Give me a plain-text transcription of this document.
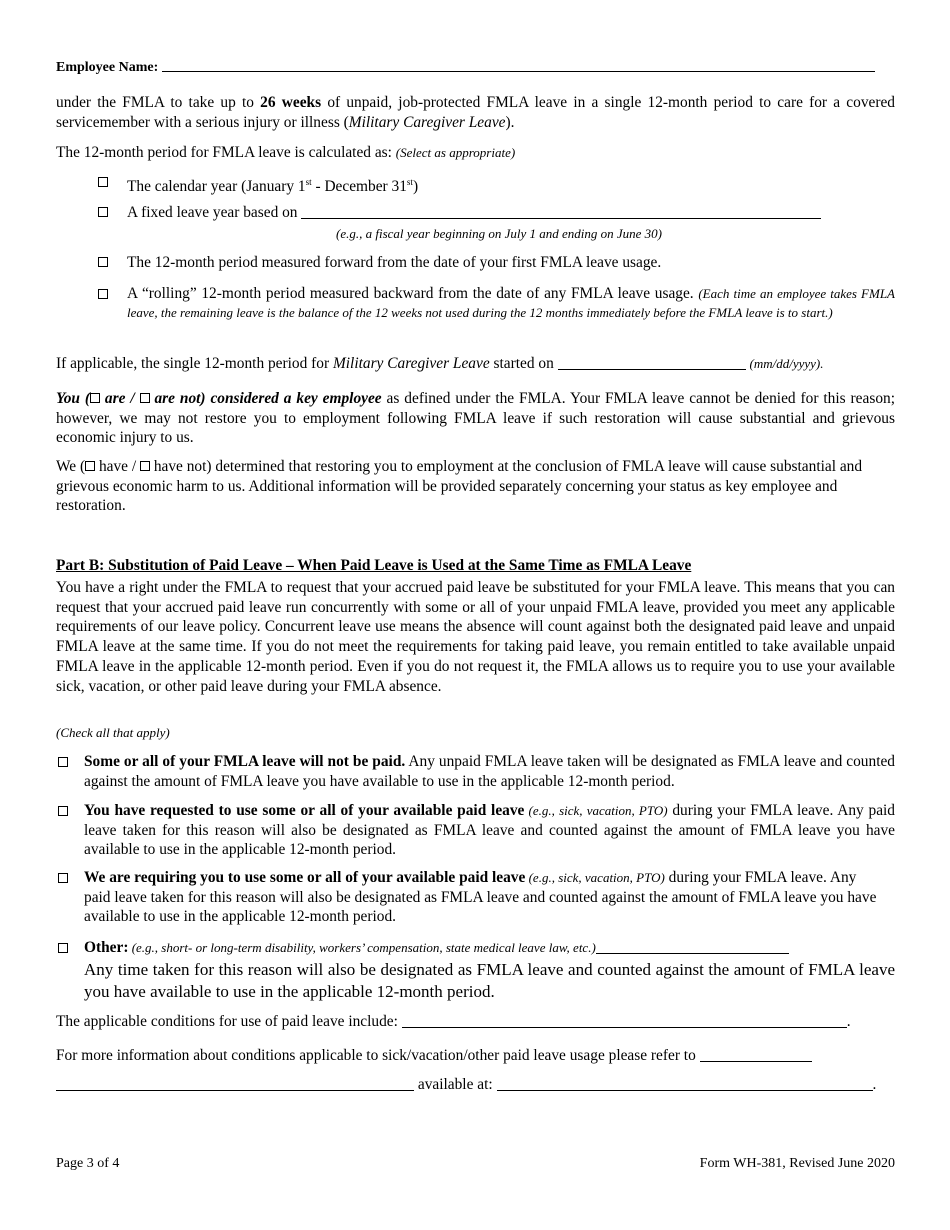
Employee Name:

under the FMLA to take up to 26 weeks of unpaid, job-protected FMLA leave in a single 12-month period to care for a covered servicemember with a serious injury or illness (Military Caregiver Leave).

The 12-month period for FMLA leave is calculated as: (Select as appropriate)

The calendar year (January 1st - December 31st)
A fixed leave year based on
(e.g., a fiscal year beginning on July 1 and ending on June 30)
The 12-month period measured forward from the date of your first FMLA leave usage.
A “rolling” 12-month period measured backward from the date of any FMLA leave usage. (Each time an employee takes FMLA leave, the remaining leave is the balance of the 12 weeks not used during the 12 months immediately before the FMLA leave is to start.)

If applicable, the single 12-month period for Military Caregiver Leave started on	(mm/dd/yyyy).

You ( are /  are not) considered a key employee as defined under the FMLA. Your FMLA leave cannot be denied for this reason; however, we may not restore you to employment following FMLA leave if such restoration will cause substantial and grievous economic injury to us.

We ( have /  have not) determined that restoring you to employment at the conclusion of FMLA leave will cause substantial and grievous economic harm to us. Additional information will be provided separately concerning your status as key employee and restoration.

Part B: Substitution of Paid Leave – When Paid Leave is Used at the Same Time as FMLA Leave

You have a right under the FMLA to request that your accrued paid leave be substituted for your FMLA leave. This means that you can request that your accrued paid leave run concurrently with some or all of your unpaid FMLA leave, provided you meet any applicable requirements of our leave policy. Concurrent leave use means the absence will count against both the designated paid leave and unpaid FMLA leave at the same time. If you do not meet the requirements for taking paid leave, you remain entitled to take available unpaid FMLA leave in the applicable 12-month period. Even if you do not request it, the FMLA allows us to require you to use your available sick, vacation, or other paid leave during your FMLA absence.

(Check all that apply)

Some or all of your FMLA leave will not be paid. Any unpaid FMLA leave taken will be designated as FMLA leave and counted against the amount of FMLA leave you have available to use in the applicable 12-month period.
You have requested to use some or all of your available paid leave (e.g., sick, vacation, PTO) during your FMLA leave. Any paid leave taken for this reason will also be designated as FMLA leave and counted against the amount of FMLA leave you have available to use in the applicable 12-month period.
We are requiring you to use some or all of your available paid leave (e.g., sick, vacation, PTO) during your FMLA leave. Any paid leave taken for this reason will also be designated as FMLA leave and counted against the amount of FMLA leave you have available to use in the applicable 12-month period.
Other: (e.g., short- or long-term disability, workers’ compensation, state medical leave law, etc.)
Any time taken for this reason will also be designated as FMLA leave and counted against the amount of FMLA leave you have available to use in the applicable 12-month period.

The applicable conditions for use of paid leave include:	.

For more information about conditions applicable to sick/vacation/other paid leave usage please refer to

available at:	.

Page 3 of 4	Form WH-381, Revised June 2020
